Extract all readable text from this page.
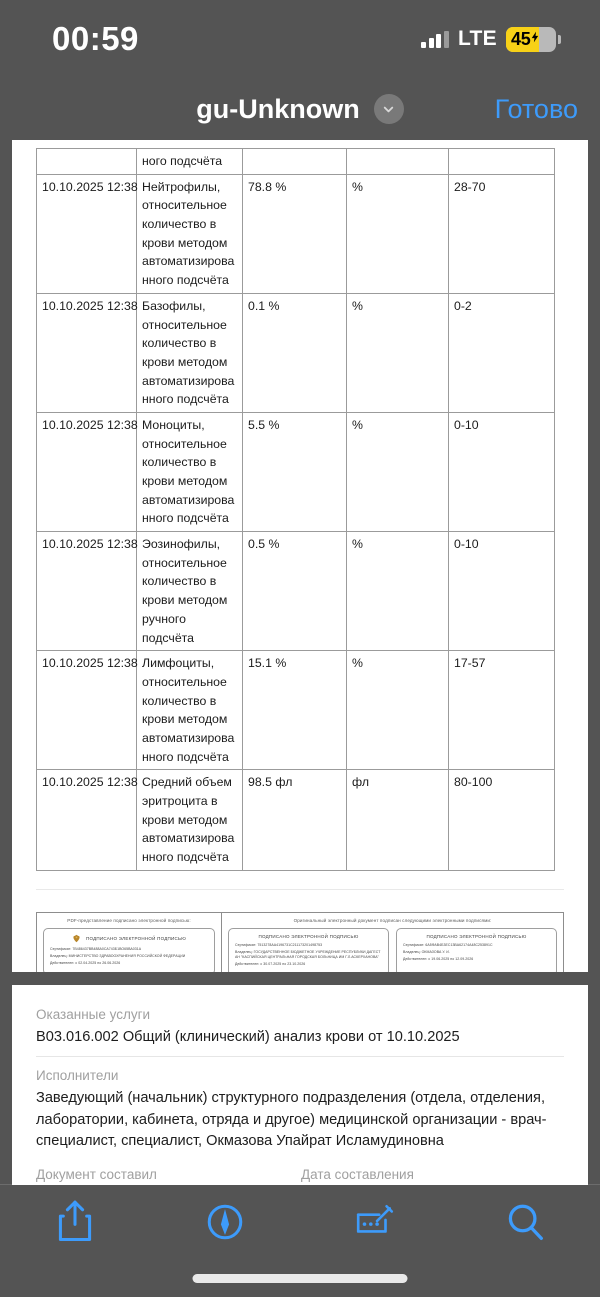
00:59	LTE 45
gu-Unknown	Готово
	ного подсчёта			
10.10.2025 12:38	Нейтрофилы, относительное количество в крови методом автоматизированного подсчёта	78.8 %	%	28-70
10.10.2025 12:38	Базофилы, относительное количество в крови методом автоматизированного подсчёта	0.1 %	%	0-2
10.10.2025 12:38	Моноциты, относительное количество в крови методом автоматизированного подсчёта	5.5 %	%	0-10
10.10.2025 12:38	Эозинофилы, относительное количество в крови методом ручного подсчёта	0.5 %	%	0-10
10.10.2025 12:38	Лимфоциты, относительное количество в крови методом автоматизированного подсчёта	15.1 %	%	17-57
10.10.2025 12:38	Средний объем эритроцита в крови методом автоматизированного подсчёта	98.5 фл	фл	80-100
PDF-представление подписано электронной подписью:
ПОДПИСАНО ЭЛЕКТРОННОЙ ПОДПИСЬЮ
Сертификат: 7В486437ВВ488А0СА743Б1ВО65ВА031А
Владелец: МИНИСТЕРСТВО ЗДРАВООХРАНЕНИЯ РОССИЙСКОЙ ФЕДЕРАЦИИ
Действителен: с 02.04.2025 по 26.06.2026
Оригинальный электронный документ подписан следующими электронными подписями:
ПОДПИСАНО ЭЛЕКТРОННОЙ ПОДПИСЬЮ
Сертификат: 7513278АА4196731С211173201498753
Владелец: ГОСУДАРСТВЕННОЕ БЮДЖЕТНОЕ УЧРЕЖДЕНИЕ РЕСПУБЛИКИ ДАГЕСТАН "КАСПИЙСКАЯ ЦЕНТРАЛЬНАЯ ГОРОДСКАЯ БОЛЬНИЦА ИМ Г.Л.АСКЕРХАНОВА"
Действителен: с 30.07.2025 по 23.10.2026
ПОДПИСАНО ЭЛЕКТРОННОЙ ПОДПИСЬЮ
Сертификат: 6А5ФАВ4Б3ЕС13ВА62174А48С253891С
Владелец: ОКМАЗОВА У. И.
Действителен: с 19.06.2025 по 12.09.2026
Оказанные услуги
B03.016.002 Общий (клинический) анализ крови от 10.10.2025
Исполнители
Заведующий (начальник) структурного подразделения (отдела, отделения, лаборатории, кабинета, отряда и другое) медицинской организации - врач-специалист, специалист, Окмазова Упайрат Исламудиновна
Документ составил	Дата составления
